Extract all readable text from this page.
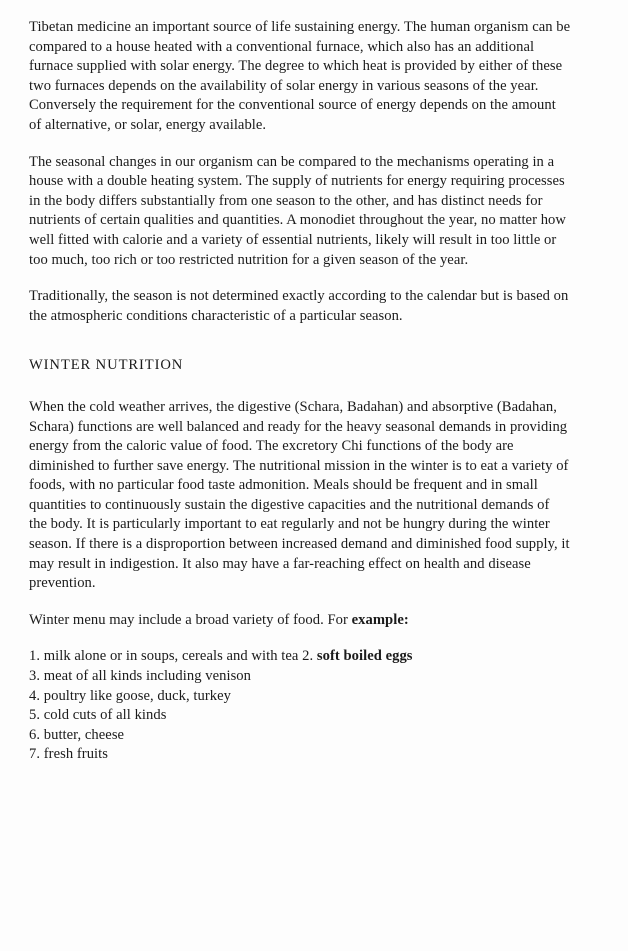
Tibetan medicine an important source of life sustaining energy. The human organism can be compared to a house heated with a conventional furnace, which also has an additional furnace supplied with solar energy. The degree to which heat is provided by either of these two furnaces depends on the availability of solar energy in various seasons of the year. Conversely the requirement for the conventional source of energy depends on the amount of alternative, or solar, energy available.

The seasonal changes in our organism can be compared to the mechanisms operating in a house with a double heating system. The supply of nutrients for energy requiring processes in the body differs substantially from one season to the other, and has distinct needs for nutrients of certain qualities and quantities. A monodiet throughout the year, no matter how well fitted with calorie and a variety of essential nutrients, likely will result in too little or too much, too rich or too restricted nutrition for a given season of the year.

Traditionally, the season is not determined exactly according to the calendar but is based on the atmospheric conditions characteristic of a particular season.

WINTER NUTRITION

When the cold weather arrives, the digestive (Schara, Badahan) and absorptive (Badahan, Schara) functions are well balanced and ready for the heavy seasonal demands in providing energy from the caloric value of food. The excretory Chi functions of the body are diminished to further save energy. The nutritional mission in the winter is to eat a variety of foods, with no particular food taste admonition. Meals should be frequent and in small quantities to continuously sustain the digestive capacities and the nutritional demands of the body. It is particularly important to eat regularly and not be hungry during the winter season. If there is a disproportion between increased demand and diminished food supply, it may result in indigestion. It also may have a far-reaching effect on health and disease prevention.

Winter menu may include a broad variety of food. For example:

1. milk alone or in soups, cereals and with tea 2. soft boiled eggs
3. meat of all kinds including venison
4. poultry like goose, duck, turkey
5. cold cuts of all kinds
6. butter, cheese
7. fresh fruits
